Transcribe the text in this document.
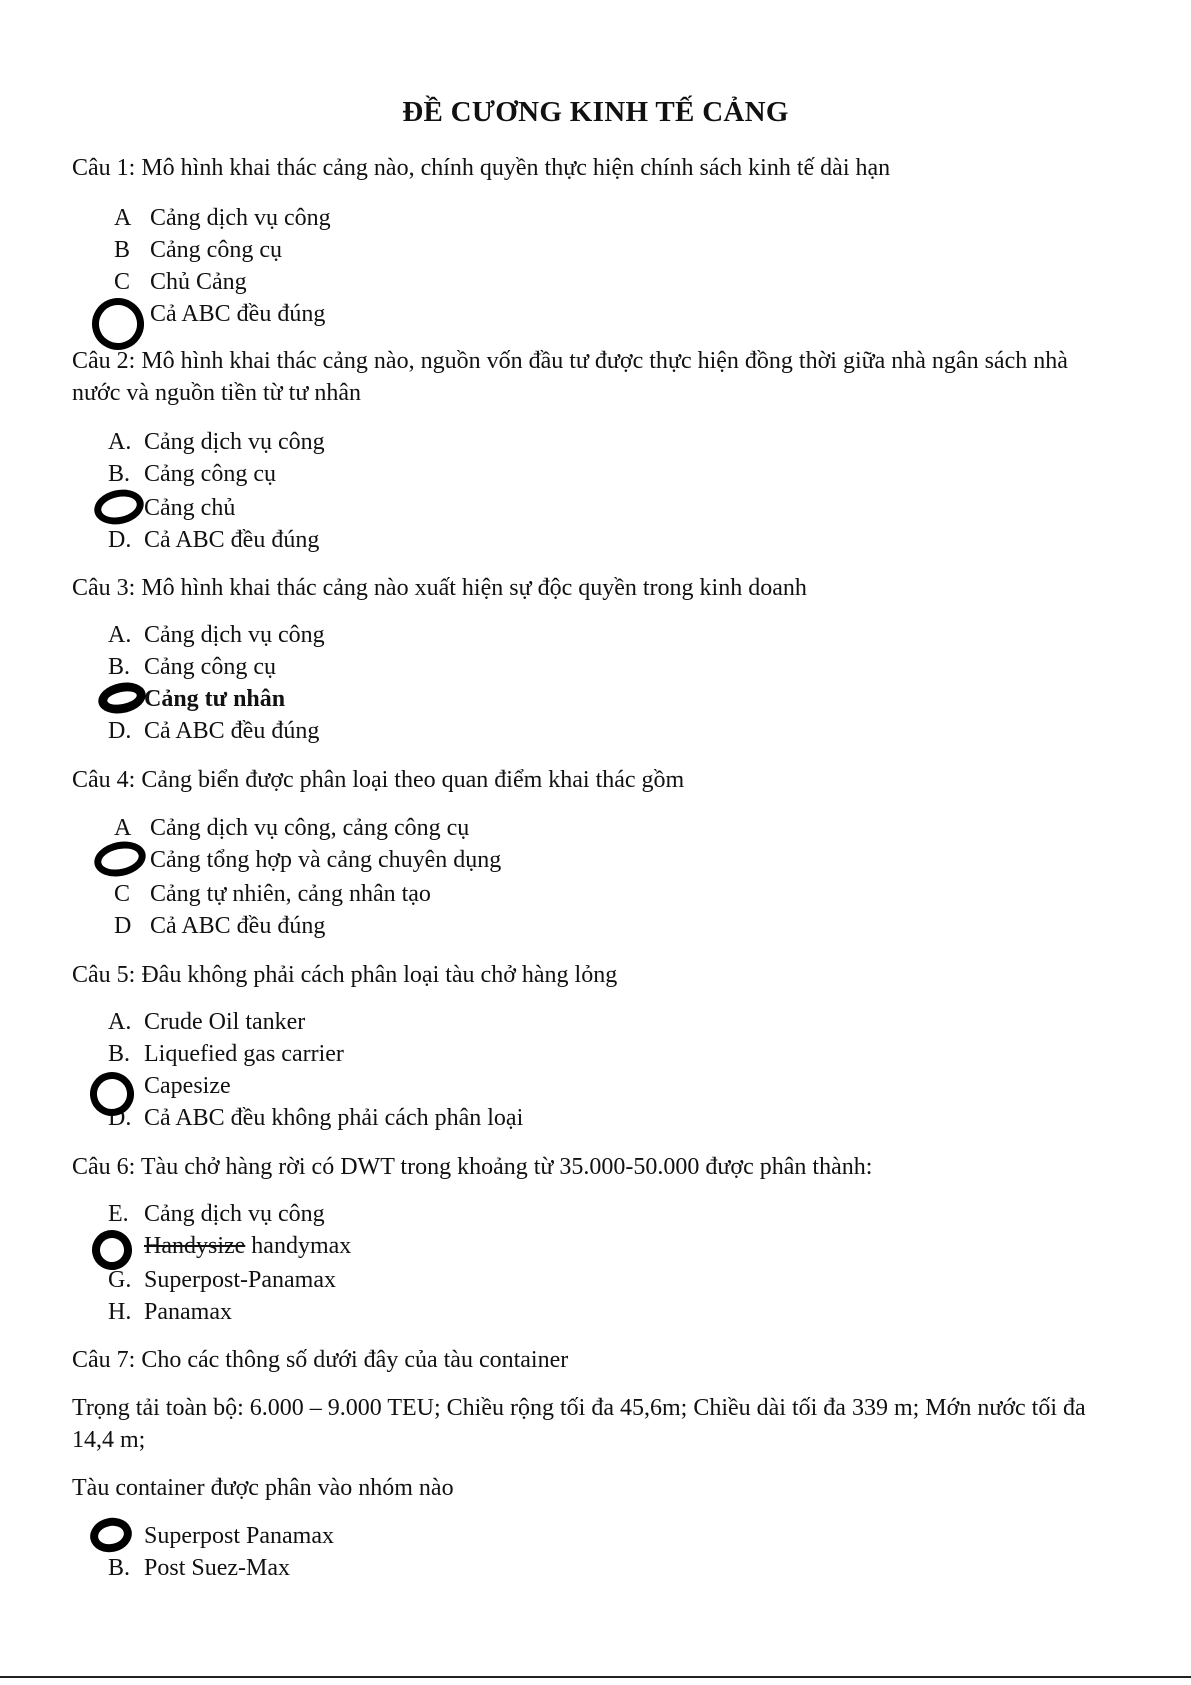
ĐỀ CƯƠNG KINH TẾ CẢNG
Câu 1: Mô hình khai thác cảng nào, chính quyền thực hiện chính sách kinh tế dài hạn
A Cảng dịch vụ công
B Cảng công cụ
C Chủ Cảng
Cả ABC đều đúng
Câu 2: Mô hình khai thác cảng nào, nguồn vốn đầu tư được thực hiện đồng thời giữa nhà ngân sách nhà nước và nguồn tiền từ tư nhân
A. Cảng dịch vụ công
B. Cảng công cụ
Cảng chủ
D. Cả ABC đều đúng
Câu 3: Mô hình khai thác cảng nào xuất hiện sự độc quyền trong kinh doanh
A. Cảng dịch vụ công
B. Cảng công cụ
Cảng tư nhân
D. Cả ABC đều đúng
Câu 4: Cảng biển được phân loại theo quan điểm khai thác gồm
A Cảng dịch vụ công, cảng công cụ
Cảng tổng hợp và cảng chuyên dụng
C Cảng tự nhiên, cảng nhân tạo
D Cả ABC đều đúng
Câu 5: Đâu không phải cách phân loại tàu chở hàng lỏng
A. Crude Oil tanker
B. Liquefied gas carrier
Capesize
D. Cả ABC đều không phải cách phân loại
Câu 6: Tàu chở hàng rời có DWT trong khoảng từ 35.000-50.000 được phân thành:
E. Cảng dịch vụ công
Handysize handymax
G. Superpost-Panamax
H. Panamax
Câu 7: Cho các thông số dưới đây của tàu container
Trọng tải toàn bộ: 6.000 – 9.000 TEU; Chiều rộng tối đa 45,6m; Chiều dài tối đa 339 m; Mớn nước tối đa 14,4 m;
Tàu container được phân vào nhóm nào
Superpost Panamax
B. Post Suez-Max
